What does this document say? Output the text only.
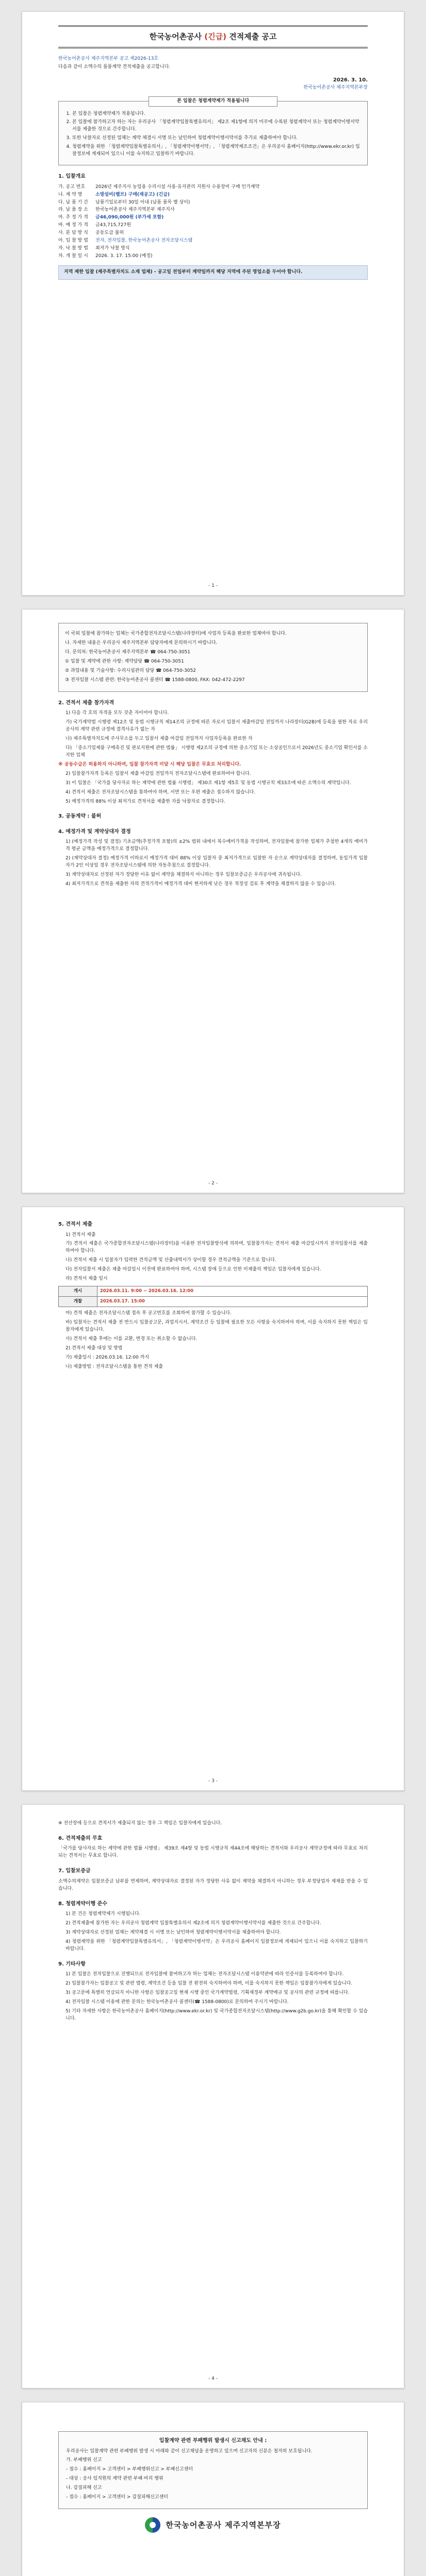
한국농어촌공사 (긴급) 견적제출 공고
한국농어촌공사 제주지역본부 공고 제2026-13호
다음과 같이 소액수의 물품계약 견적제출을 공고합니다.
2026. 3. 10.
한국농어촌공사 제주지역본부장
본 입찰은 청렴계약제가 적용됩니다
1. 본 입찰은 청렴계약제가 적용됩니다.
2. 본 입찰에 참가하고자 하는 자는 우리공사 「청렴계약입찰특별유의서」 제2조 제1항에 의거 미주에 수록된 청렴계약서 또는 청렴계약이행서약서를 제출한 것으로 간주합니다.
3. 또한 낙찰자로 선정된 업체는 계약 체결시 서명 또는 날인하여 청렴계약이행서약서를 추가로 제출하여야 합니다.
4. 청렴계약을 위한 「청렴계약입찰특별유의서」, 「청렴계약이행서약」, 「청렴계약제조조건」은 우리공사 홈페이지(http://www.ekr.or.kr) 입찰정보에 게재되어 있으니 이를 숙지하고 입찰하기 바랍니다.
1. 입찰개요
가. 공고 번호	2026년 제주지사 농업용 수리시설 사용·유지관리 지원사 수용장비 구매 인가계약
나. 계 약 명	소방설비(벨브) 구매(재공고) (긴급)
다. 납 품 기 간	납품기일로부터 30일 이내 (납품 품목 별 상이)
라. 납 품 장 소	한국농어촌공사 제주지역본부 제주지사
마. 추 정 가 격	금46,090,000원 (부가세 포함)
바. 예 정 가 격	금43,715,727원
사. 분 담 방 식	공동도급 불허
아. 입 찰 방 법	전자, 전자입찰, 한국농어촌공사 전자조달시스템
자. 낙 찰 방 법	최저가 낙찰 방식
차. 개 찰 일 시	2026. 3. 17. 15:00 (예정)
지역 제한 입찰 (제주특별자치도 소재 업체) - 공고일 전일부터 계약일까지 해당 지역에 주된 영업소를 두어야 합니다.
- 1 -
이 국외 입찰에 참가하는 업체는 국가종합전자조달시스템(나라장터)에 사업자 등록을 완료한 업체여야 합니다.
나. 자세한 내용은 우리공사 제주지역본부 담당자에게 문의하시기 바랍니다.
다. 문의처: 한국농어촌공사 제주지역본부 ☎ 064-750-3051
① 입찰 및 계약에 관한 사항: 계약담당 ☎ 064-750-3051
② 과업내용 및 기술사항: 수리시설관리 담당 ☎ 064-750-3052
③ 전자입찰 시스템 관련: 한국농어촌공사 콜센터 ☎ 1588-0800, FAX: 042-472-2297
2. 견적서 제출 참가자격
1) 다음 각 호의 자격을 모두 갖춘 자이어야 합니다.
가) 국가계약법 시행령 제12조 및 동법 시행규칙 제14조의 규정에 따른 자로서 입찰서 제출마감일 전일까지 나라장터(G2B)에 등록을 필한 자로 우리공사의 계약 관련 규정에 결격사유가 없는 자
나) 제주특별자치도에 주사무소를 두고 입찰서 제출 마감일 전일까지 사업자등록을 완료한 자
다) 「중소기업제품 구매촉진 및 판로지원에 관한 법률」 시행령 제2조의 규정에 의한 중소기업 또는 소상공인으로서 2026년도 중소기업 확인서를 소지한 업체
※ 공동수급은 허용하지 아니하며, 입찰 참가자격 미달 시 해당 입찰은 무효로 처리합니다.
2) 입찰참가자격 등록은 입찰서 제출 마감일 전일까지 전자조달시스템에 완료하여야 합니다.
3) 이 입찰은 「국가를 당사자로 하는 계약에 관한 법률 시행령」 제30조 제1항 제5호 및 동법 시행규칙 제33조에 따른 소액수의 계약입니다.
4) 견적서 제출은 전자조달시스템을 통하여야 하며, 서면 또는 우편 제출은 접수하지 않습니다.
5) 예정가격의 88% 이상 최저가로 견적서를 제출한 자를 낙찰자로 결정합니다.
3. 공동계약 : 불허
4. 예정가격 및 계약상대자 결정
1) (예정가격 작성 및 결정) 기초금액(추정가격 포함)의 ±2% 범위 내에서 복수예비가격을 작성하며, 전자입찰에 참가한 업체가 추첨한 4개의 예비가격 평균 금액을 예정가격으로 결정합니다.
2) (계약상대자 결정) 예정가격 이하로서 예정가격 대비 88% 이상 입찰자 중 최저가격으로 입찰한 자 순으로 계약상대자를 결정하며, 동일가격 입찰자가 2인 이상일 경우 전자조달시스템에 의한 자동추첨으로 결정합니다.
3) 계약상대자로 선정된 자가 정당한 이유 없이 계약을 체결하지 아니하는 경우 입찰보증금은 우리공사에 귀속됩니다.
4) 최저가격으로 견적을 제출한 자의 견적가격이 예정가격 대비 현저하게 낮은 경우 적정성 검토 후 계약을 체결하지 않을 수 있습니다.
- 2 -
5. 견적서 제출
1) 견적서 제출
가) 견적서 제출은 국가종합전자조달시스템(나라장터)을 이용한 전자입찰방식에 의하며, 입찰참가자는 견적서 제출 마감일시까지 전자입찰서를 제출하여야 합니다.
나) 견적서 제출 시 입찰자가 입력한 견적금액 및 산출내역서가 상이할 경우 견적금액을 기준으로 합니다.
다) 전자입찰서 제출은 제출 마감일시 이전에 완료하여야 하며, 시스템 장애 등으로 인한 미제출의 책임은 입찰자에게 있습니다.
라) 견적서 제출 일시
개시	2026.03.11. 9:00 ~ 2026.03.16. 12:00
개찰	2026.03.17. 15:00
마) 견적 제출은 전자조달시스템 접속 후 공고번호를 조회하여 참가할 수 있습니다.
바) 입찰자는 견적서 제출 전 반드시 입찰공고문, 과업지시서, 계약조건 등 입찰에 필요한 모든 사항을 숙지하여야 하며, 이를 숙지하지 못한 책임은 입찰자에게 있습니다.
사) 견적서 제출 후에는 이를 교환, 변경 또는 취소할 수 없습니다.
2) 견적서 제출 대상 및 방법
가) 제출일시 : 2026.03.16. 12:00 까지
나) 제출방법 : 전자조달시스템을 통한 견적 제출
- 3 -
※ 전산장애 등으로 견적서가 제출되지 않는 경우 그 책임은 입찰자에게 있습니다.
6. 견적제출의 무효
「국가를 당사자로 하는 계약에 관한 법률 시행령」 제39조 제4항 및 동법 시행규칙 제44조에 해당하는 견적서와 우리공사 계약규정에 따라 무효로 처리되는 견적서는 무효로 합니다.
7. 입찰보증금
소액수의계약은 입찰보증금 납부를 면제하며, 계약상대자로 결정된 자가 정당한 사유 없이 계약을 체결하지 아니하는 경우 부정당업자 제재를 받을 수 있습니다.
8. 청렴계약이행 준수
1) 본 건은 청렴계약제가 시행됩니다.
2) 견적제출에 참가한 자는 우리공사 청렴계약 입찰특별유의서 제2조에 의거 청렴계약이행서약서를 제출한 것으로 간주합니다.
3) 계약상대자로 선정된 업체는 계약체결 시 서명 또는 날인하여 청렴계약이행서약서를 제출하여야 합니다.
4) 청렴계약을 위한 「청렴계약입찰특별유의서」, 「청렴계약이행서약」은 우리공사 홈페이지 입찰정보에 게재되어 있으니 이를 숙지하고 입찰하기 바랍니다.
9. 기타사항
1) 본 입찰은 전자입찰으로 진행되므로 전자입찰에 참여하고자 하는 업체는 전자조달시스템 이용약관에 따라 인증서를 등록하여야 합니다.
2) 입찰참가자는 입찰공고 및 관련 법령, 계약조건 등을 입찰 전 완전히 숙지하여야 하며, 이를 숙지하지 못한 책임은 입찰참가자에게 있습니다.
3) 공고문에 특별히 언급되지 아니한 사항은 입찰공고일 현재 시행 중인 국가계약법령, 기획재정부 계약예규 및 공사의 관련 규정에 따릅니다.
4) 전자입찰 시스템 이용에 관한 문의는 한국농어촌공사 콜센터(☎ 1588-0800)로 문의하여 주시기 바랍니다.
5) 기타 자세한 사항은 한국농어촌공사 홈페이지(http://www.ekr.or.kr) 및 국가종합전자조달시스템(http://www.g2b.go.kr)을 통해 확인할 수 있습니다.
- 4 -
입찰계약 관련 부패행위 발생시 신고채도 안내 :
우리공사는 입찰계약 관련 부패행위 발생 시 아래와 같이 신고채널을 운영하고 있으며 신고자의 신분은 철저히 보호됩니다.
가. 부패행위 신고
- 접수 : 홈페이지 > 고객센터 > 부패행위신고 > 부패신고센터
- 대상 : 공사 임직원의 계약 관련 부패·비리 행위
나. 갑질피해 신고
- 접수 : 홈페이지 > 고객센터 > 갑질피해신고센터
한국농어촌공사 제주지역본부장
